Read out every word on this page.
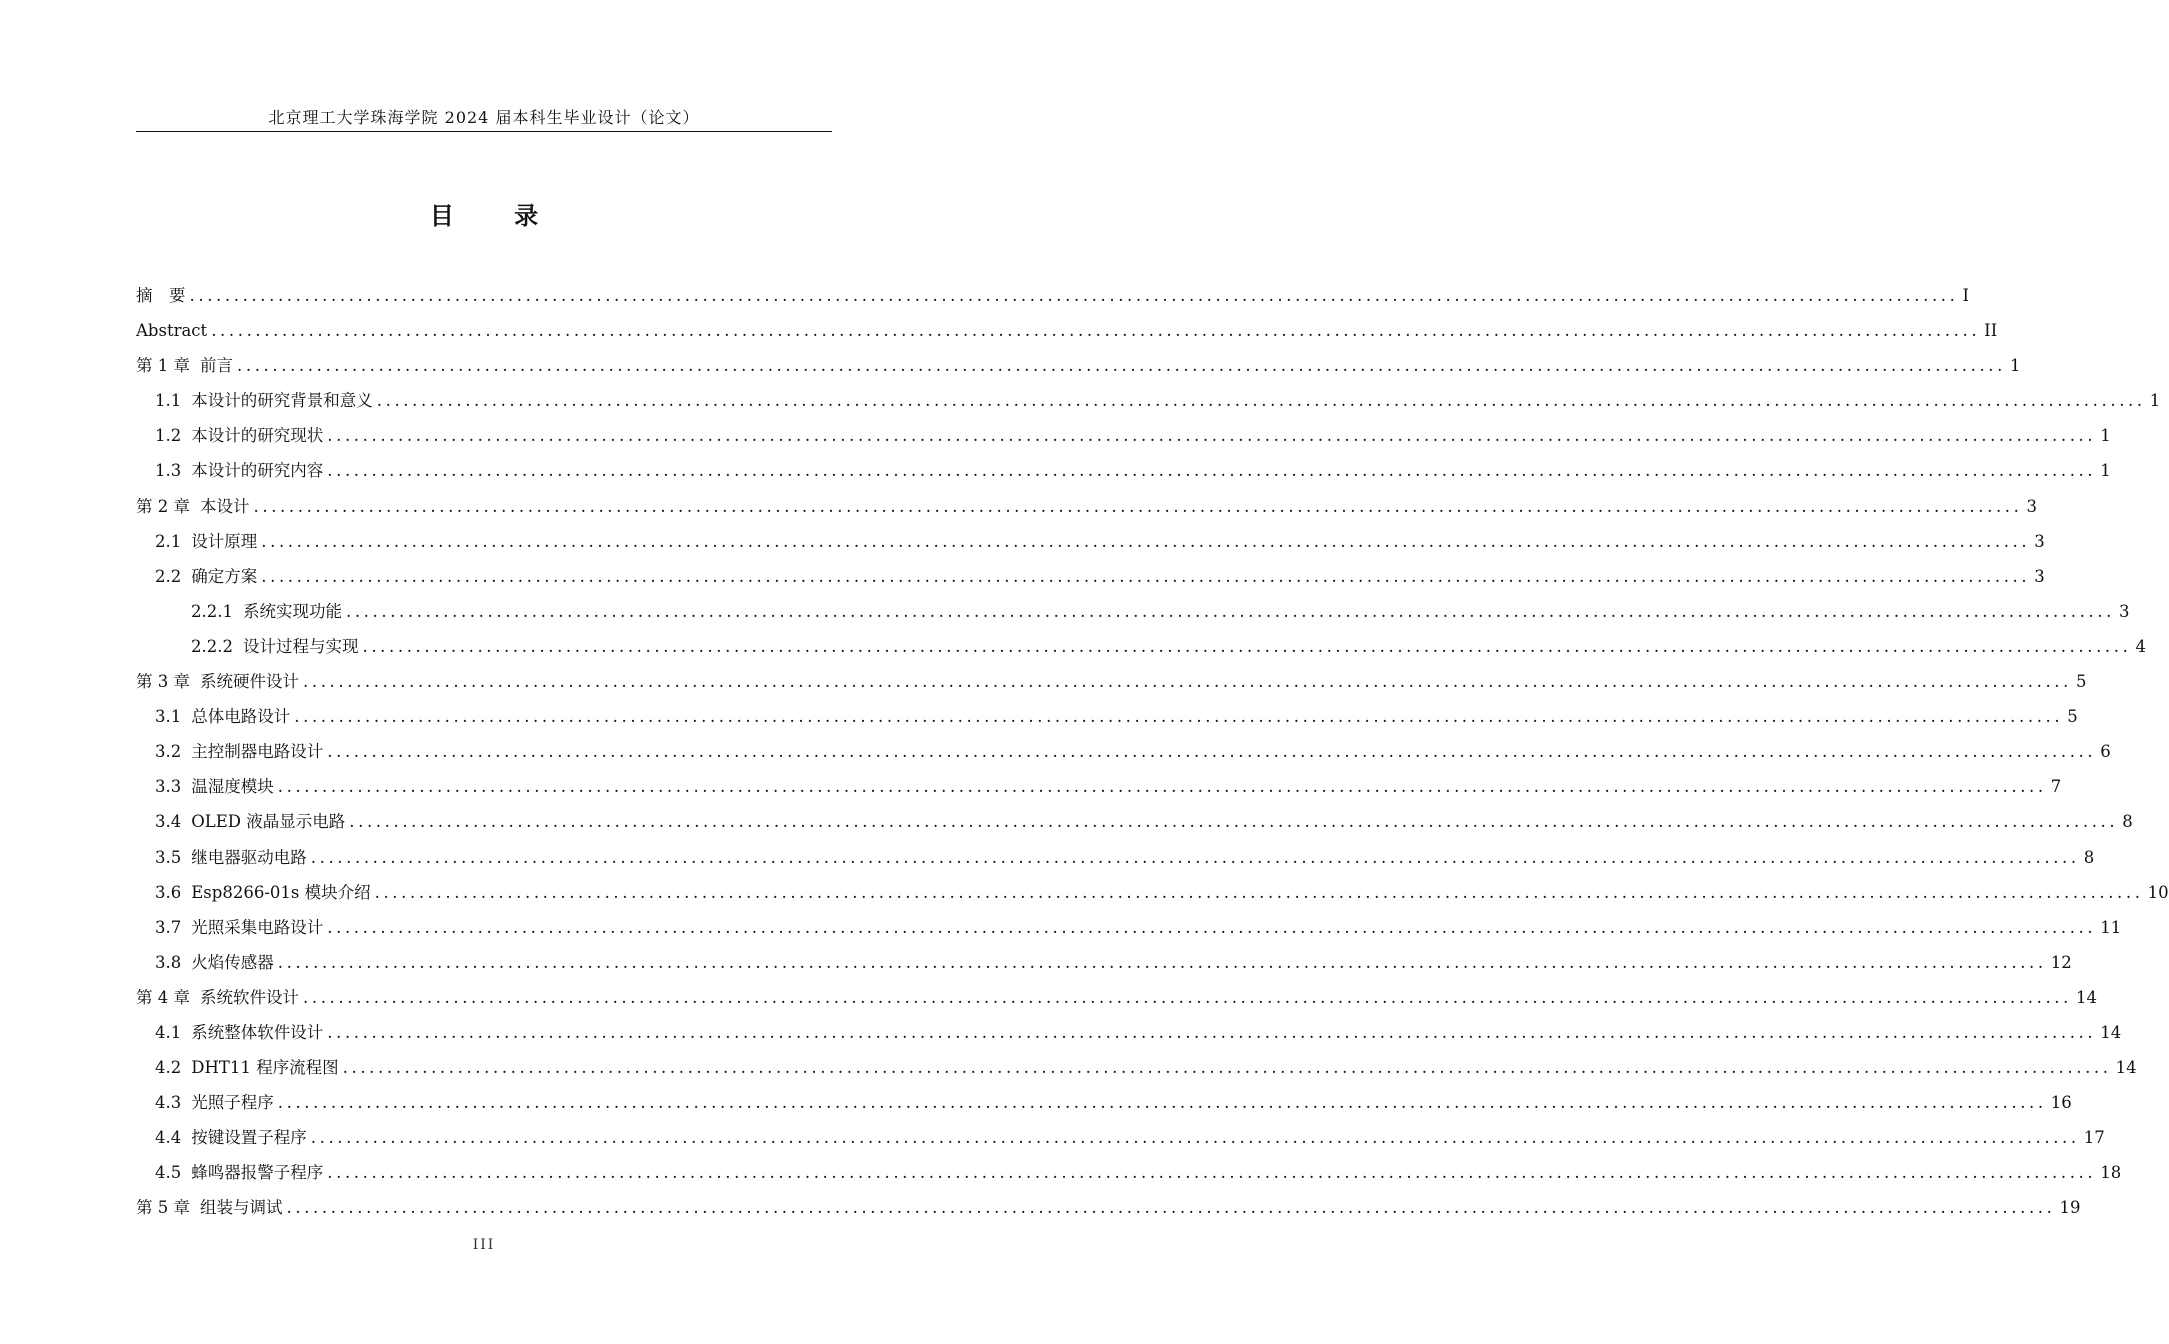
北京理工大学珠海学院 2024 届本科生毕业设计（论文）
目 录
摘　要 ........................................................................................................................................................................................................ I
Abstract ........................................................................................................................................................................................................ II
第 1 章 前言 ........................................................................................................................................................................................................ 1
1.1 本设计的研究背景和意义 ........................................................................................................................................................................................................ 1
1.2 本设计的研究现状 ........................................................................................................................................................................................................ 1
1.3 本设计的研究内容 ........................................................................................................................................................................................................ 1
第 2 章 本设计 ........................................................................................................................................................................................................ 3
2.1 设计原理 ........................................................................................................................................................................................................ 3
2.2 确定方案 ........................................................................................................................................................................................................ 3
2.2.1 系统实现功能 ........................................................................................................................................................................................................ 3
2.2.2 设计过程与实现 ........................................................................................................................................................................................................ 4
第 3 章 系统硬件设计 ........................................................................................................................................................................................................ 5
3.1 总体电路设计 ........................................................................................................................................................................................................ 5
3.2 主控制器电路设计 ........................................................................................................................................................................................................ 6
3.3 温湿度模块 ........................................................................................................................................................................................................ 7
3.4 OLED 液晶显示电路 ........................................................................................................................................................................................................ 8
3.5 继电器驱动电路 ........................................................................................................................................................................................................ 8
3.6 Esp8266-01s 模块介绍 ........................................................................................................................................................................................................ 10
3.7 光照采集电路设计 ........................................................................................................................................................................................................ 11
3.8 火焰传感器 ........................................................................................................................................................................................................ 12
第 4 章 系统软件设计 ........................................................................................................................................................................................................ 14
4.1 系统整体软件设计 ........................................................................................................................................................................................................ 14
4.2 DHT11 程序流程图 ........................................................................................................................................................................................................ 14
4.3 光照子程序 ........................................................................................................................................................................................................ 16
4.4 按键设置子程序 ........................................................................................................................................................................................................ 17
4.5 蜂鸣器报警子程序 ........................................................................................................................................................................................................ 18
第 5 章 组装与调试 ........................................................................................................................................................................................................ 19
III
